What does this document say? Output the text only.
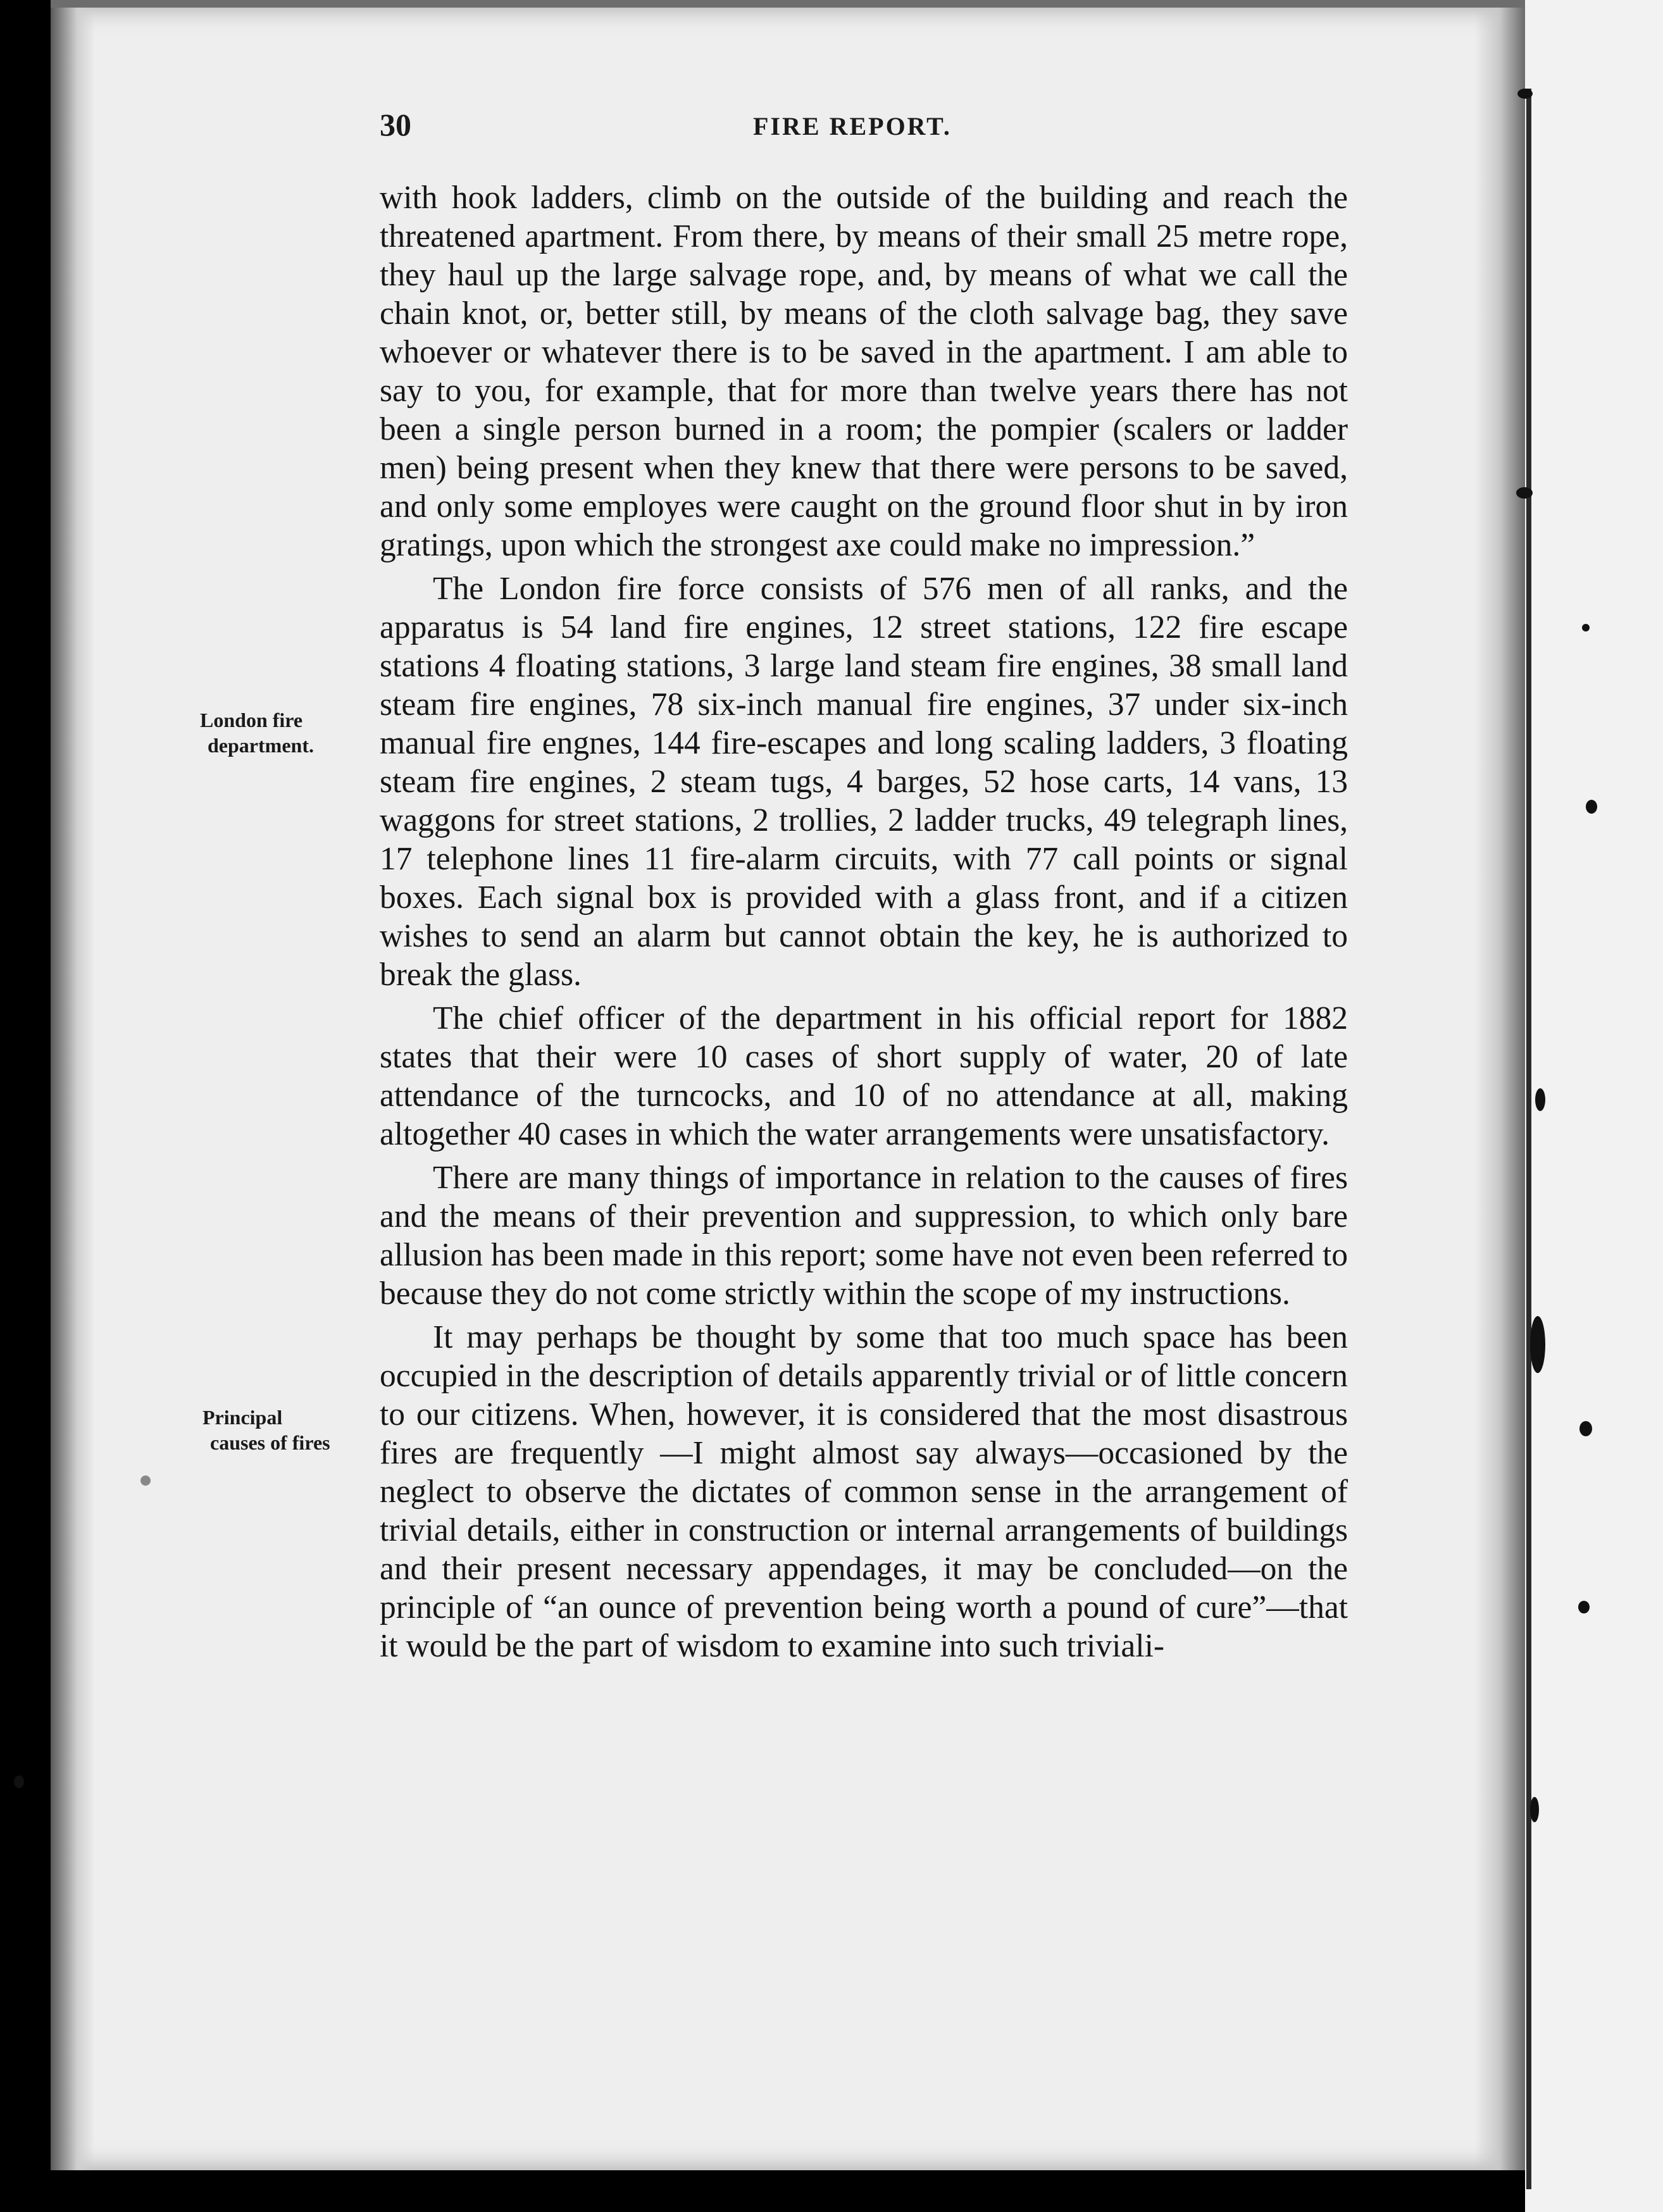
30	FIRE REPORT.
London fire
department.
Principal
causes of fires

with hook ladders, climb on the outside of the building and reach the threatened apartment. From there, by means of their small 25 metre rope, they haul up the large salvage rope, and, by means of what we call the chain knot, or, better still, by means of the cloth salvage bag, they save whoever or whatever there is to be saved in the apartment. I am able to say to you, for example, that for more than twelve years there has not been a single person burned in a room; the pompier (scalers or ladder men) being present when they knew that there were persons to be saved, and only some employes were caught on the ground floor shut in by iron gratings, upon which the strongest axe could make no impression.”

The London fire force consists of 576 men of all ranks, and the apparatus is 54 land fire engines, 12 street stations, 122 fire escape stations 4 floating stations, 3 large land steam fire engines, 38 small land steam fire engines, 78 six-inch manual fire engines, 37 under six-inch manual fire engnes, 144 fire-escapes and long scaling ladders, 3 floating steam fire engines, 2 steam tugs, 4 barges, 52 hose carts, 14 vans, 13 waggons for street stations, 2 trollies, 2 ladder trucks, 49 telegraph lines, 17 telephone lines 11 fire-alarm circuits, with 77 call points or signal boxes. Each signal box is provided with a glass front, and if a citizen wishes to send an alarm but cannot obtain the key, he is authorized to break the glass.

The chief officer of the department in his official report for 1882 states that their were 10 cases of short supply of water, 20 of late attendance of the turncocks, and 10 of no attendance at all, making altogether 40 cases in which the water arrangements were unsatisfactory.

There are many things of importance in relation to the causes of fires and the means of their prevention and suppression, to which only bare allusion has been made in this report; some have not even been referred to because they do not come strictly within the scope of my instructions.

It may perhaps be thought by some that too much space has been occupied in the description of details apparently trivial or of little concern to our citizens. When, however, it is considered that the most disastrous fires are frequently —I might almost say always—occasioned by the neglect to observe the dictates of common sense in the arrangement of trivial details, either in construction or internal arrangements of buildings and their present necessary appendages, it may be concluded—on the principle of “an ounce of prevention being worth a pound of cure”—that it would be the part of wisdom to examine into such triviali-
